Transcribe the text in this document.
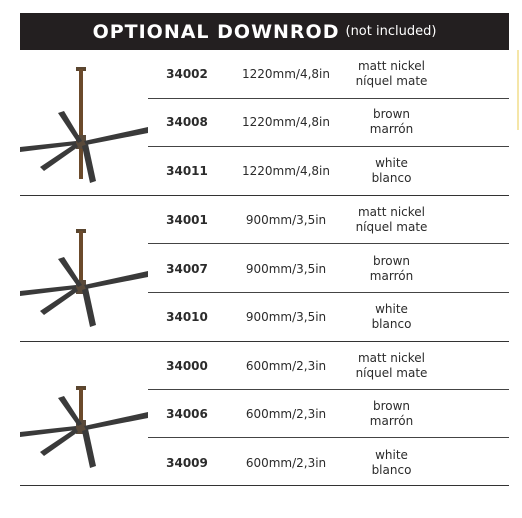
OPTIONAL DOWNROD (not included)
34002	1220mm/4,8in
matt nickel
níquel mate
34008	1220mm/4,8in
brown
marrón
34011	1220mm/4,8in
white
blanco
34001	900mm/3,5in
matt nickel
níquel mate
34007	900mm/3,5in
brown
marrón
34010	900mm/3,5in
white
blanco
34000	600mm/2,3in
matt nickel
níquel mate
34006	600mm/2,3in
brown
marrón
34009	600mm/2,3in
white
blanco
